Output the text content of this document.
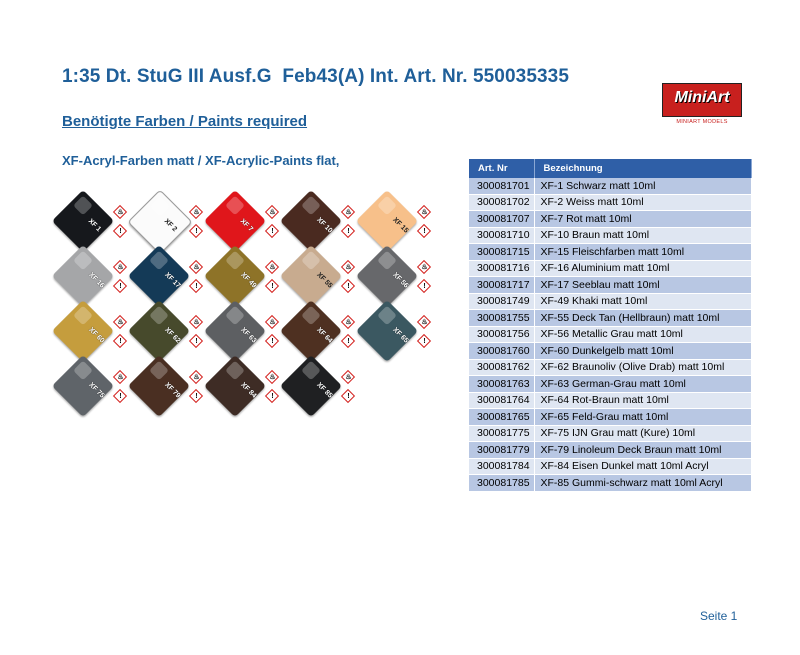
1:35 Dt. StuG III Ausf.G  Feb43(A) Int. Art. Nr. 550035335
Benötigte Farben / Paints required
XF-Acryl-Farben matt / XF-Acrylic-Paints flat,
MiniArt
MINIART MODELS
XF 1
♨
!	XF 2
♨
!	XF 7
♨
!	XF 10
♨
!	XF 15
♨
!
XF 16
♨
!	XF 17
♨
!	XF 49
♨
!	XF 55
♨
!	XF 56
♨
!
XF 60
♨
!	XF 62
♨
!	XF 63
♨
!	XF 64
♨
!	XF 65
♨
!
XF 75
♨
!	XF 79
♨
!	XF 84
♨
!	XF 85
♨
!
Art. Nr	Bezeichnung
300081701	XF-1 Schwarz matt 10ml
300081702	XF-2 Weiss matt 10ml
300081707	XF-7 Rot matt 10ml
300081710	XF-10 Braun matt 10ml
300081715	XF-15 Fleischfarben matt 10ml
300081716	XF-16 Aluminium matt 10ml
300081717	XF-17 Seeblau matt 10ml
300081749	XF-49 Khaki matt 10ml
300081755	XF-55 Deck Tan (Hellbraun) matt 10ml
300081756	XF-56 Metallic Grau matt 10ml
300081760	XF-60 Dunkelgelb matt 10ml
300081762	XF-62 Braunoliv (Olive Drab) matt 10ml
300081763	XF-63 German-Grau matt 10ml
300081764	XF-64 Rot-Braun matt 10ml
300081765	XF-65 Feld-Grau matt 10ml
300081775	XF-75 IJN Grau matt (Kure) 10ml
300081779	XF-79 Linoleum Deck Braun matt 10ml
300081784	XF-84 Eisen Dunkel matt 10ml Acryl
300081785	XF-85 Gummi-schwarz matt 10ml Acryl
Seite 1
